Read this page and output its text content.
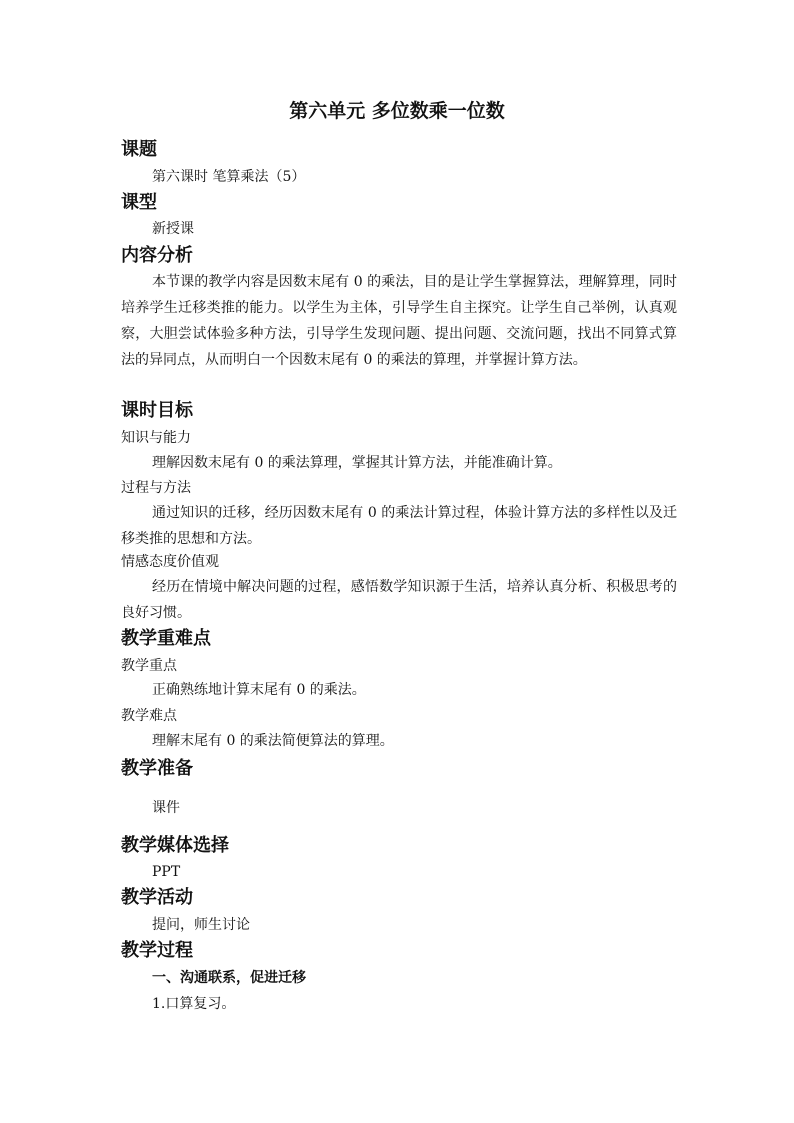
第六单元 多位数乘一位数
课题
第六课时 笔算乘法（5）
课型
新授课
内容分析
本节课的教学内容是因数末尾有 0 的乘法，目的是让学生掌握算法，理解算理，同时培养学生迁移类推的能力。以学生为主体，引导学生自主探究。让学生自己举例，认真观察，大胆尝试体验多种方法，引导学生发现问题、提出问题、交流问题，找出不同算式算法的异同点，从而明白一个因数末尾有 0 的乘法的算理，并掌握计算方法。
课时目标
知识与能力
理解因数末尾有 0 的乘法算理，掌握其计算方法，并能准确计算。
过程与方法
通过知识的迁移，经历因数末尾有 0 的乘法计算过程，体验计算方法的多样性以及迁移类推的思想和方法。
情感态度价值观
经历在情境中解决问题的过程，感悟数学知识源于生活，培养认真分析、积极思考的良好习惯。
教学重难点
教学重点
正确熟练地计算末尾有 0 的乘法。
教学难点
理解末尾有 0 的乘法简便算法的算理。
教学准备
课件
教学媒体选择
PPT
教学活动
提问，师生讨论
教学过程
一、沟通联系，促进迁移
1.口算复习。
